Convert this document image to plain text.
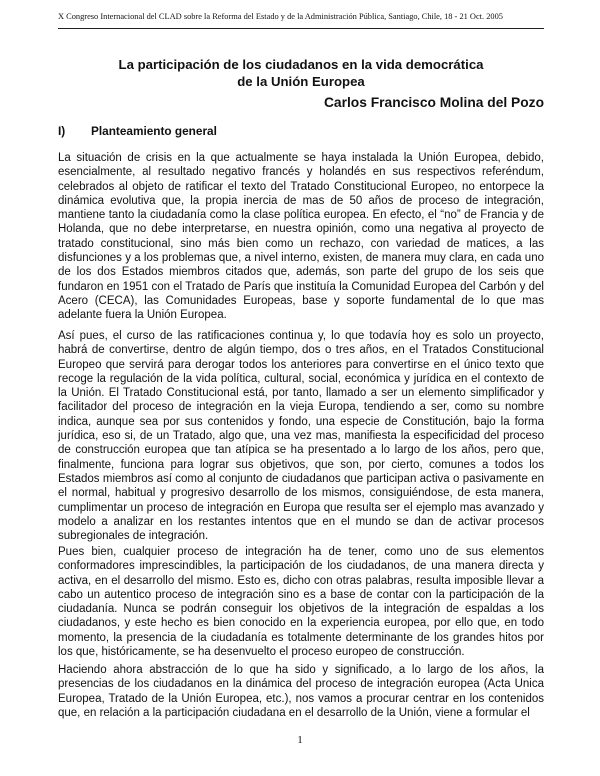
X Congreso Internacional del CLAD sobre la Reforma del Estado y de la Administración Pública, Santiago, Chile, 18 - 21 Oct. 2005
La participación de los ciudadanos en la vida democrática
de la Unión Europea
Carlos Francisco Molina del Pozo
I) Planteamiento general

La situación de crisis en la que actualmente se haya instalada la Unión Europea, debido, esencialmente, al resultado negativo francés y holandés en sus respectivos referéndum, celebrados al objeto de ratificar el texto del Tratado Constitucional Europeo, no entorpece la dinámica evolutiva que, la propia inercia de mas de 50 años de proceso de integración, mantiene tanto la ciudadanía como la clase política europea. En efecto, el “no” de Francia y de Holanda, que no debe interpretarse, en nuestra opinión, como una negativa al proyecto de tratado constitucional, sino más bien como un rechazo, con variedad de matices, a las disfunciones y a los problemas que, a nivel interno, existen, de manera muy clara, en cada uno de los dos Estados miembros citados que, además, son parte del grupo de los seis que fundaron en 1951 con el Tratado de París que instituía la Comunidad Europea del Carbón y del Acero (CECA), las Comunidades Europeas, base y soporte fundamental de lo que mas adelante fuera la Unión Europea.

Así pues, el curso de las ratificaciones continua y, lo que todavía hoy es solo un proyecto, habrá de convertirse, dentro de algún tiempo, dos o tres años, en el Tratados Constitucional Europeo que servirá para derogar todos los anteriores para convertirse en el único texto que recoge la regulación de la vida política, cultural, social, económica y jurídica en el contexto de la Unión. El Tratado Constitucional está, por tanto, llamado a ser un elemento simplificador y facilitador del proceso de integración en la vieja Europa, tendiendo a ser, como su nombre indica, aunque sea por sus contenidos y fondo, una especie de Constitución, bajo la forma jurídica, eso si, de un Tratado, algo que, una vez mas, manifiesta la especificidad del proceso de construcción europea que tan atípica se ha presentado a lo largo de los años, pero que, finalmente, funciona para lograr sus objetivos, que son, por cierto, comunes a todos los Estados miembros así como al conjunto de ciudadanos que participan activa o pasivamente en el normal, habitual y progresivo desarrollo de los mismos, consiguiéndose, de esta manera, cumplimentar un proceso de integración en Europa que resulta ser el ejemplo mas avanzado y modelo a analizar en los restantes intentos que en el mundo se dan de activar procesos subregionales de integración.

Pues bien, cualquier proceso de integración ha de tener, como uno de sus elementos conformadores imprescindibles, la participación de los ciudadanos, de una manera directa y activa, en el desarrollo del mismo. Esto es, dicho con otras palabras, resulta imposible llevar a cabo un autentico proceso de integración sino es a base de contar con la participación de la ciudadanía. Nunca se podrán conseguir los objetivos de la integración de espaldas a los ciudadanos, y este hecho es bien conocido en la experiencia europea, por ello que, en todo momento, la presencia de la ciudadanía es totalmente determinante de los grandes hitos por los que, históricamente, se ha desenvuelto el proceso europeo de construcción.

Haciendo ahora abstracción de lo que ha sido y significado, a lo largo de los años, la presencias de los ciudadanos en la dinámica del proceso de integración europea (Acta Unica Europea, Tratado de la Unión Europea, etc.), nos vamos a procurar centrar en los contenidos que, en relación a la participación ciudadana en el desarrollo de la Unión, viene a formular el

1
